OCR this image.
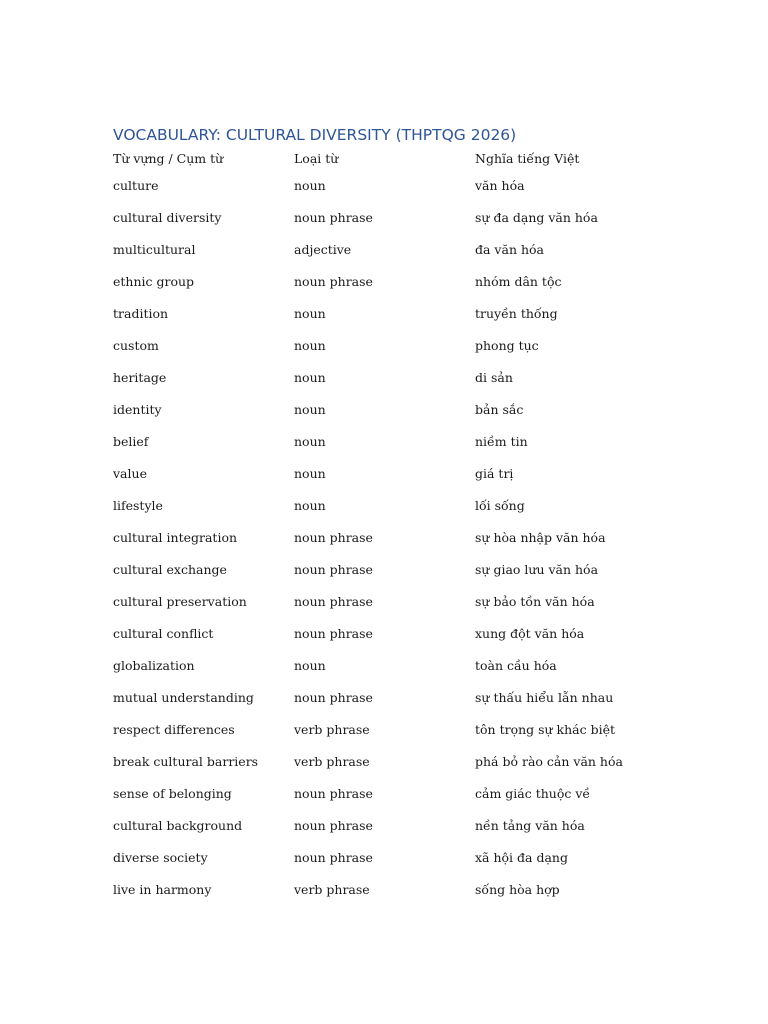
VOCABULARY: CULTURAL DIVERSITY (THPTQG 2026)
Từ vựng / Cụm từ	Loại từ	Nghĩa tiếng Việt
culture	noun	văn hóa
cultural diversity	noun phrase	sự đa dạng văn hóa
multicultural	adjective	đa văn hóa
ethnic group	noun phrase	nhóm dân tộc
tradition	noun	truyền thống
custom	noun	phong tục
heritage	noun	di sản
identity	noun	bản sắc
belief	noun	niềm tin
value	noun	giá trị
lifestyle	noun	lối sống
cultural integration	noun phrase	sự hòa nhập văn hóa
cultural exchange	noun phrase	sự giao lưu văn hóa
cultural preservation	noun phrase	sự bảo tồn văn hóa
cultural conflict	noun phrase	xung đột văn hóa
globalization	noun	toàn cầu hóa
mutual understanding	noun phrase	sự thấu hiểu lẫn nhau
respect differences	verb phrase	tôn trọng sự khác biệt
break cultural barriers	verb phrase	phá bỏ rào cản văn hóa
sense of belonging	noun phrase	cảm giác thuộc về
cultural background	noun phrase	nền tảng văn hóa
diverse society	noun phrase	xã hội đa dạng
live in harmony	verb phrase	sống hòa hợp
